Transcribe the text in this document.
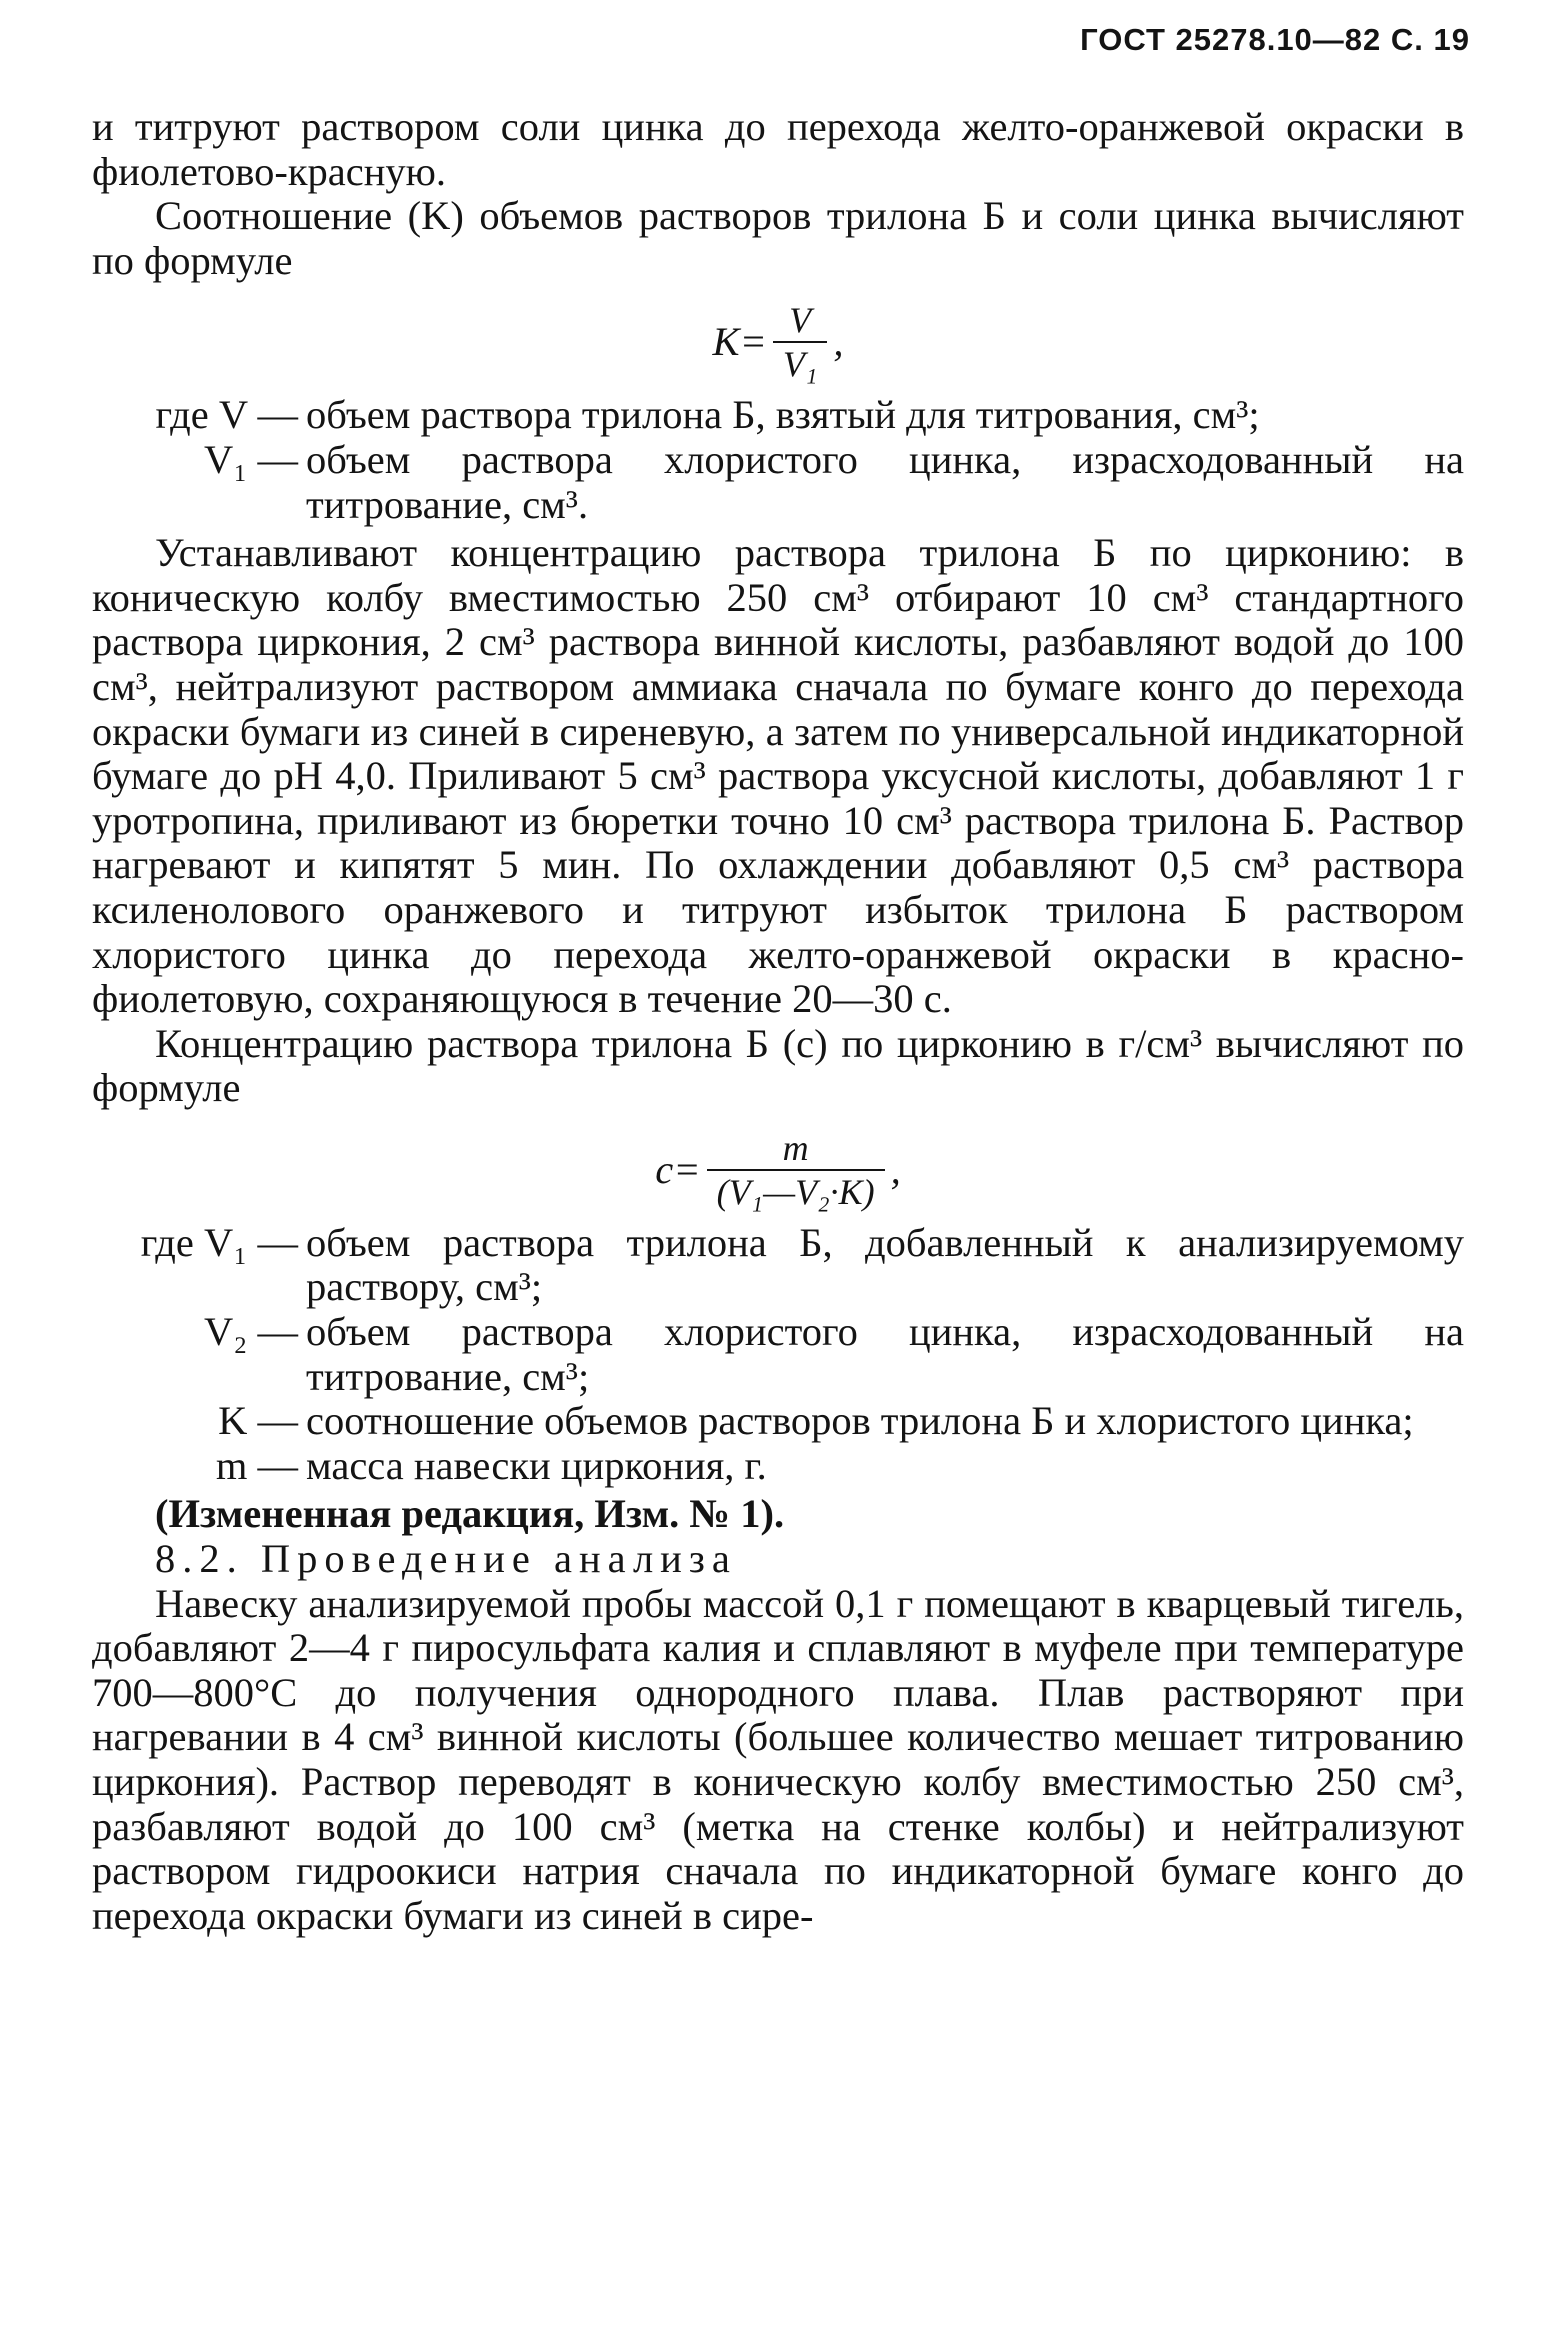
ГОСТ 25278.10—82 С. 19

и титруют раствором соли цинка до перехода желто-оранжевой окраски в фиолетово-красную.

Соотношение (K) объемов растворов трилона Б и соли цинка вычисляют по формуле

$K= \frac{V}{\text{V₁}}$ ,
где V — объем раствора трилона Б, взятый для титрования, см³;
V₁ — объем раствора хлористого цинка, израсходованный на титрование, см³.

Устанавливают концентрацию раствора трилона Б по цирконию: в коническую колбу вместимостью 250 см³ отбирают 10 см³ стандартного раствора циркония, 2 см³ раствора винной кислоты, разбавляют водой до 100 см³, нейтрализуют раствором аммиака сначала по бумаге конго до перехода окраски бумаги из синей в сиреневую, а затем по универсальной индикаторной бумаге до рН 4,0. Приливают 5 см³ раствора уксусной кислоты, добавляют 1 г уротропина, приливают из бюретки точно 10 см³ раствора трилона Б. Раствор нагревают и кипятят 5 мин. По охлаждении добавляют 0,5 см³ раствора ксиленолового оранжевого и титруют избыток трилона Б раствором хлористого цинка до перехода желто-оранжевой окраски в красно-фиолетовую, сохраняющуюся в течение 20—30 с.

Концентрацию раствора трилона Б (c) по цирконию в г/см³ вычисляют по формуле

$c= \frac{m}{\text{(V₁—V₂·K)}}$ ,
где V₁ — объем раствора трилона Б, добавленный к анализируемому раствору, см³;
V₂ — объем раствора хлористого цинка, израсходованный на титрование, см³;
K — соотношение объемов растворов трилона Б и хлористого цинка;
m — масса навески циркония, г.

(Измененная редакция, Изм. № 1).

8.2. Проведение анализа

Навеску анализируемой пробы массой 0,1 г помещают в кварцевый тигель, добавляют 2—4 г пиросульфата калия и сплавляют в муфеле при температуре 700—800°С до получения однородного плава. Плав растворяют при нагревании в 4 см³ винной кислоты (большее количество мешает титрованию циркония). Раствор переводят в коническую колбу вместимостью 250 см³, разбавляют водой до 100 см³ (метка на стенке колбы) и нейтрализуют раствором гидроокиси натрия сначала по индикаторной бумаге конго до перехода окраски бумаги из синей в сире-
